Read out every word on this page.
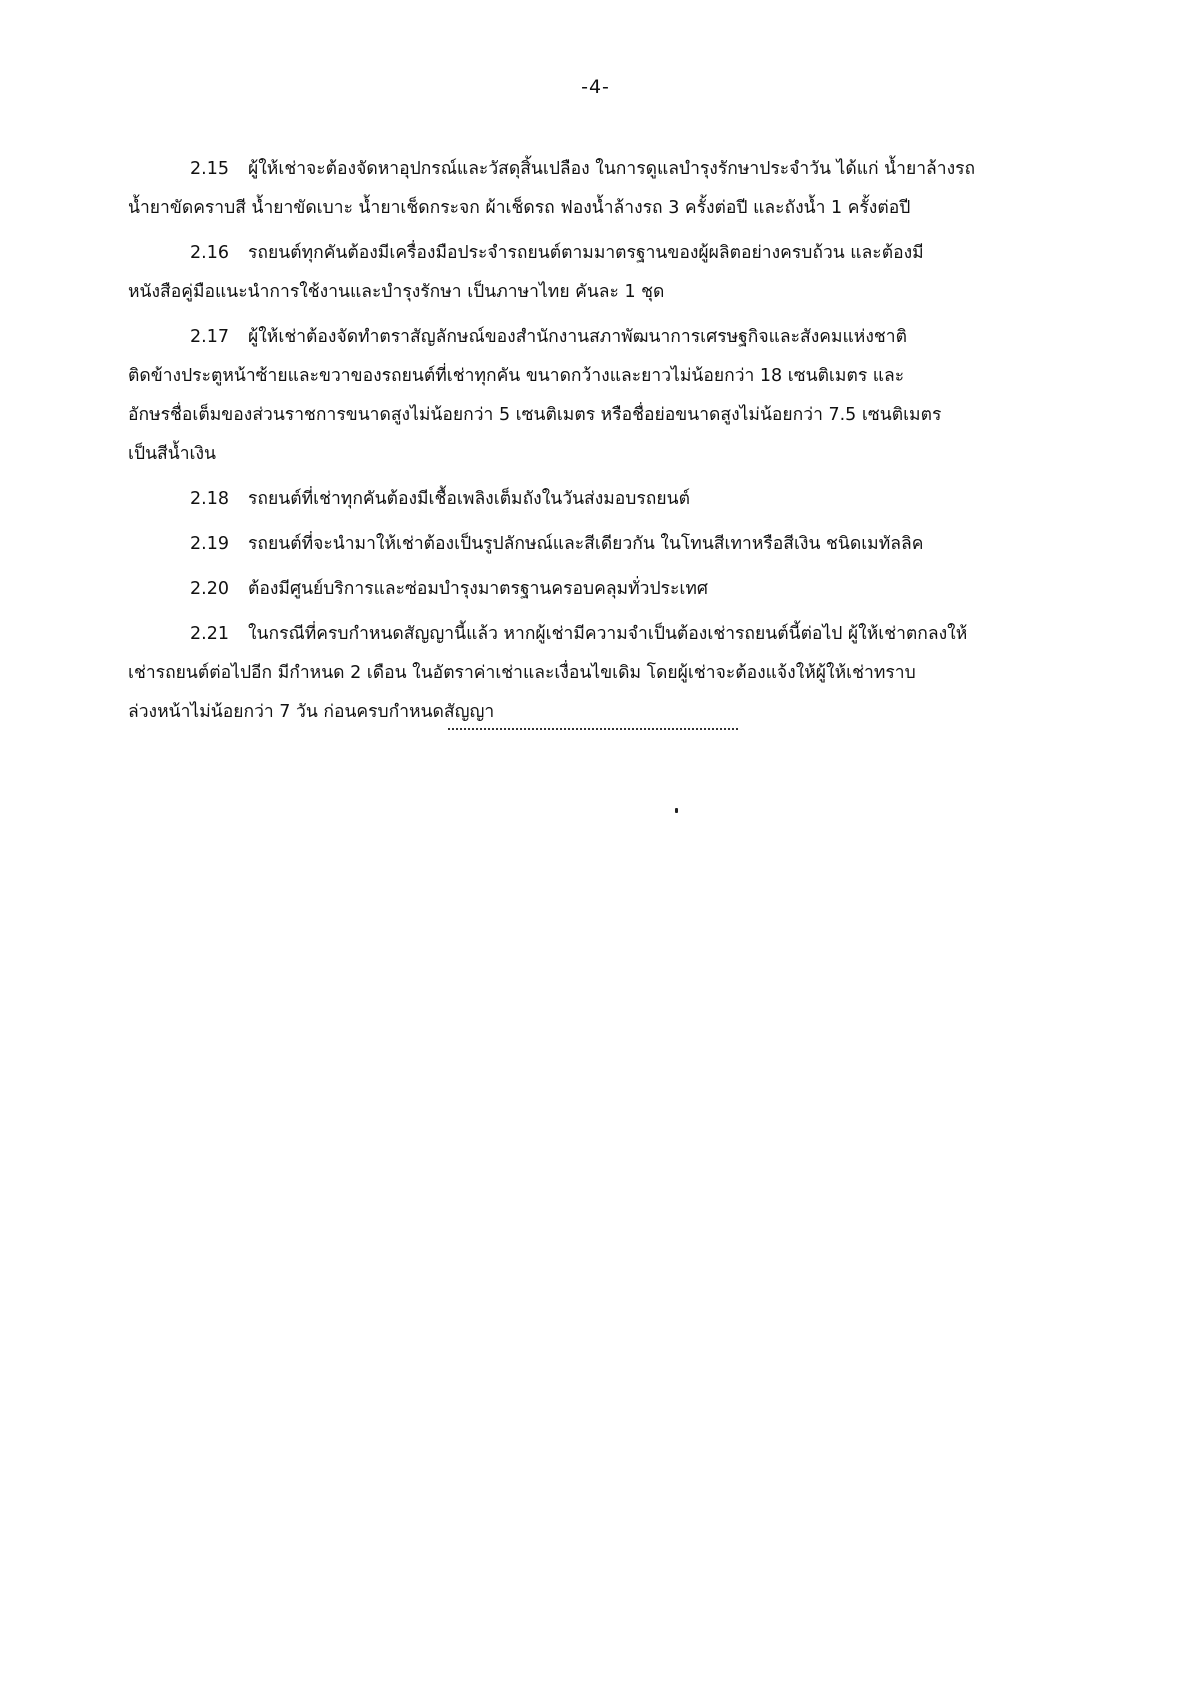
-4-
2.15 ผู้ให้เช่าจะต้องจัดหาอุปกรณ์และวัสดุสิ้นเปลือง ในการดูแลบำรุงรักษาประจำวัน ได้แก่ น้ำยาล้างรถ
น้ำยาขัดคราบสี น้ำยาขัดเบาะ น้ำยาเช็ดกระจก ผ้าเช็ดรถ ฟองน้ำล้างรถ 3 ครั้งต่อปี และถังน้ำ 1 ครั้งต่อปี
2.16 รถยนต์ทุกคันต้องมีเครื่องมือประจำรถยนต์ตามมาตรฐานของผู้ผลิตอย่างครบถ้วน และต้องมี
หนังสือคู่มือแนะนำการใช้งานและบำรุงรักษา เป็นภาษาไทย คันละ 1 ชุด
2.17 ผู้ให้เช่าต้องจัดทำตราสัญลักษณ์ของสำนักงานสภาพัฒนาการเศรษฐกิจและสังคมแห่งชาติ
ติดข้างประตูหน้าซ้ายและขวาของรถยนต์ที่เช่าทุกคัน ขนาดกว้างและยาวไม่น้อยกว่า 18 เซนติเมตร และ
อักษรชื่อเต็มของส่วนราชการขนาดสูงไม่น้อยกว่า 5 เซนติเมตร หรือชื่อย่อขนาดสูงไม่น้อยกว่า 7.5 เซนติเมตร
เป็นสีน้ำเงิน
2.18 รถยนต์ที่เช่าทุกคันต้องมีเชื้อเพลิงเต็มถังในวันส่งมอบรถยนต์
2.19 รถยนต์ที่จะนำมาให้เช่าต้องเป็นรูปลักษณ์และสีเดียวกัน ในโทนสีเทาหรือสีเงิน ชนิดเมทัลลิค
2.20 ต้องมีศูนย์บริการและซ่อมบำรุงมาตรฐานครอบคลุมทั่วประเทศ
2.21 ในกรณีที่ครบกำหนดสัญญานี้แล้ว หากผู้เช่ามีความจำเป็นต้องเช่ารถยนต์นี้ต่อไป ผู้ให้เช่าตกลงให้
เช่ารถยนต์ต่อไปอีก มีกำหนด 2 เดือน ในอัตราค่าเช่าและเงื่อนไขเดิม โดยผู้เช่าจะต้องแจ้งให้ผู้ให้เช่าทราบ
ล่วงหน้าไม่น้อยกว่า 7 วัน ก่อนครบกำหนดสัญญา
